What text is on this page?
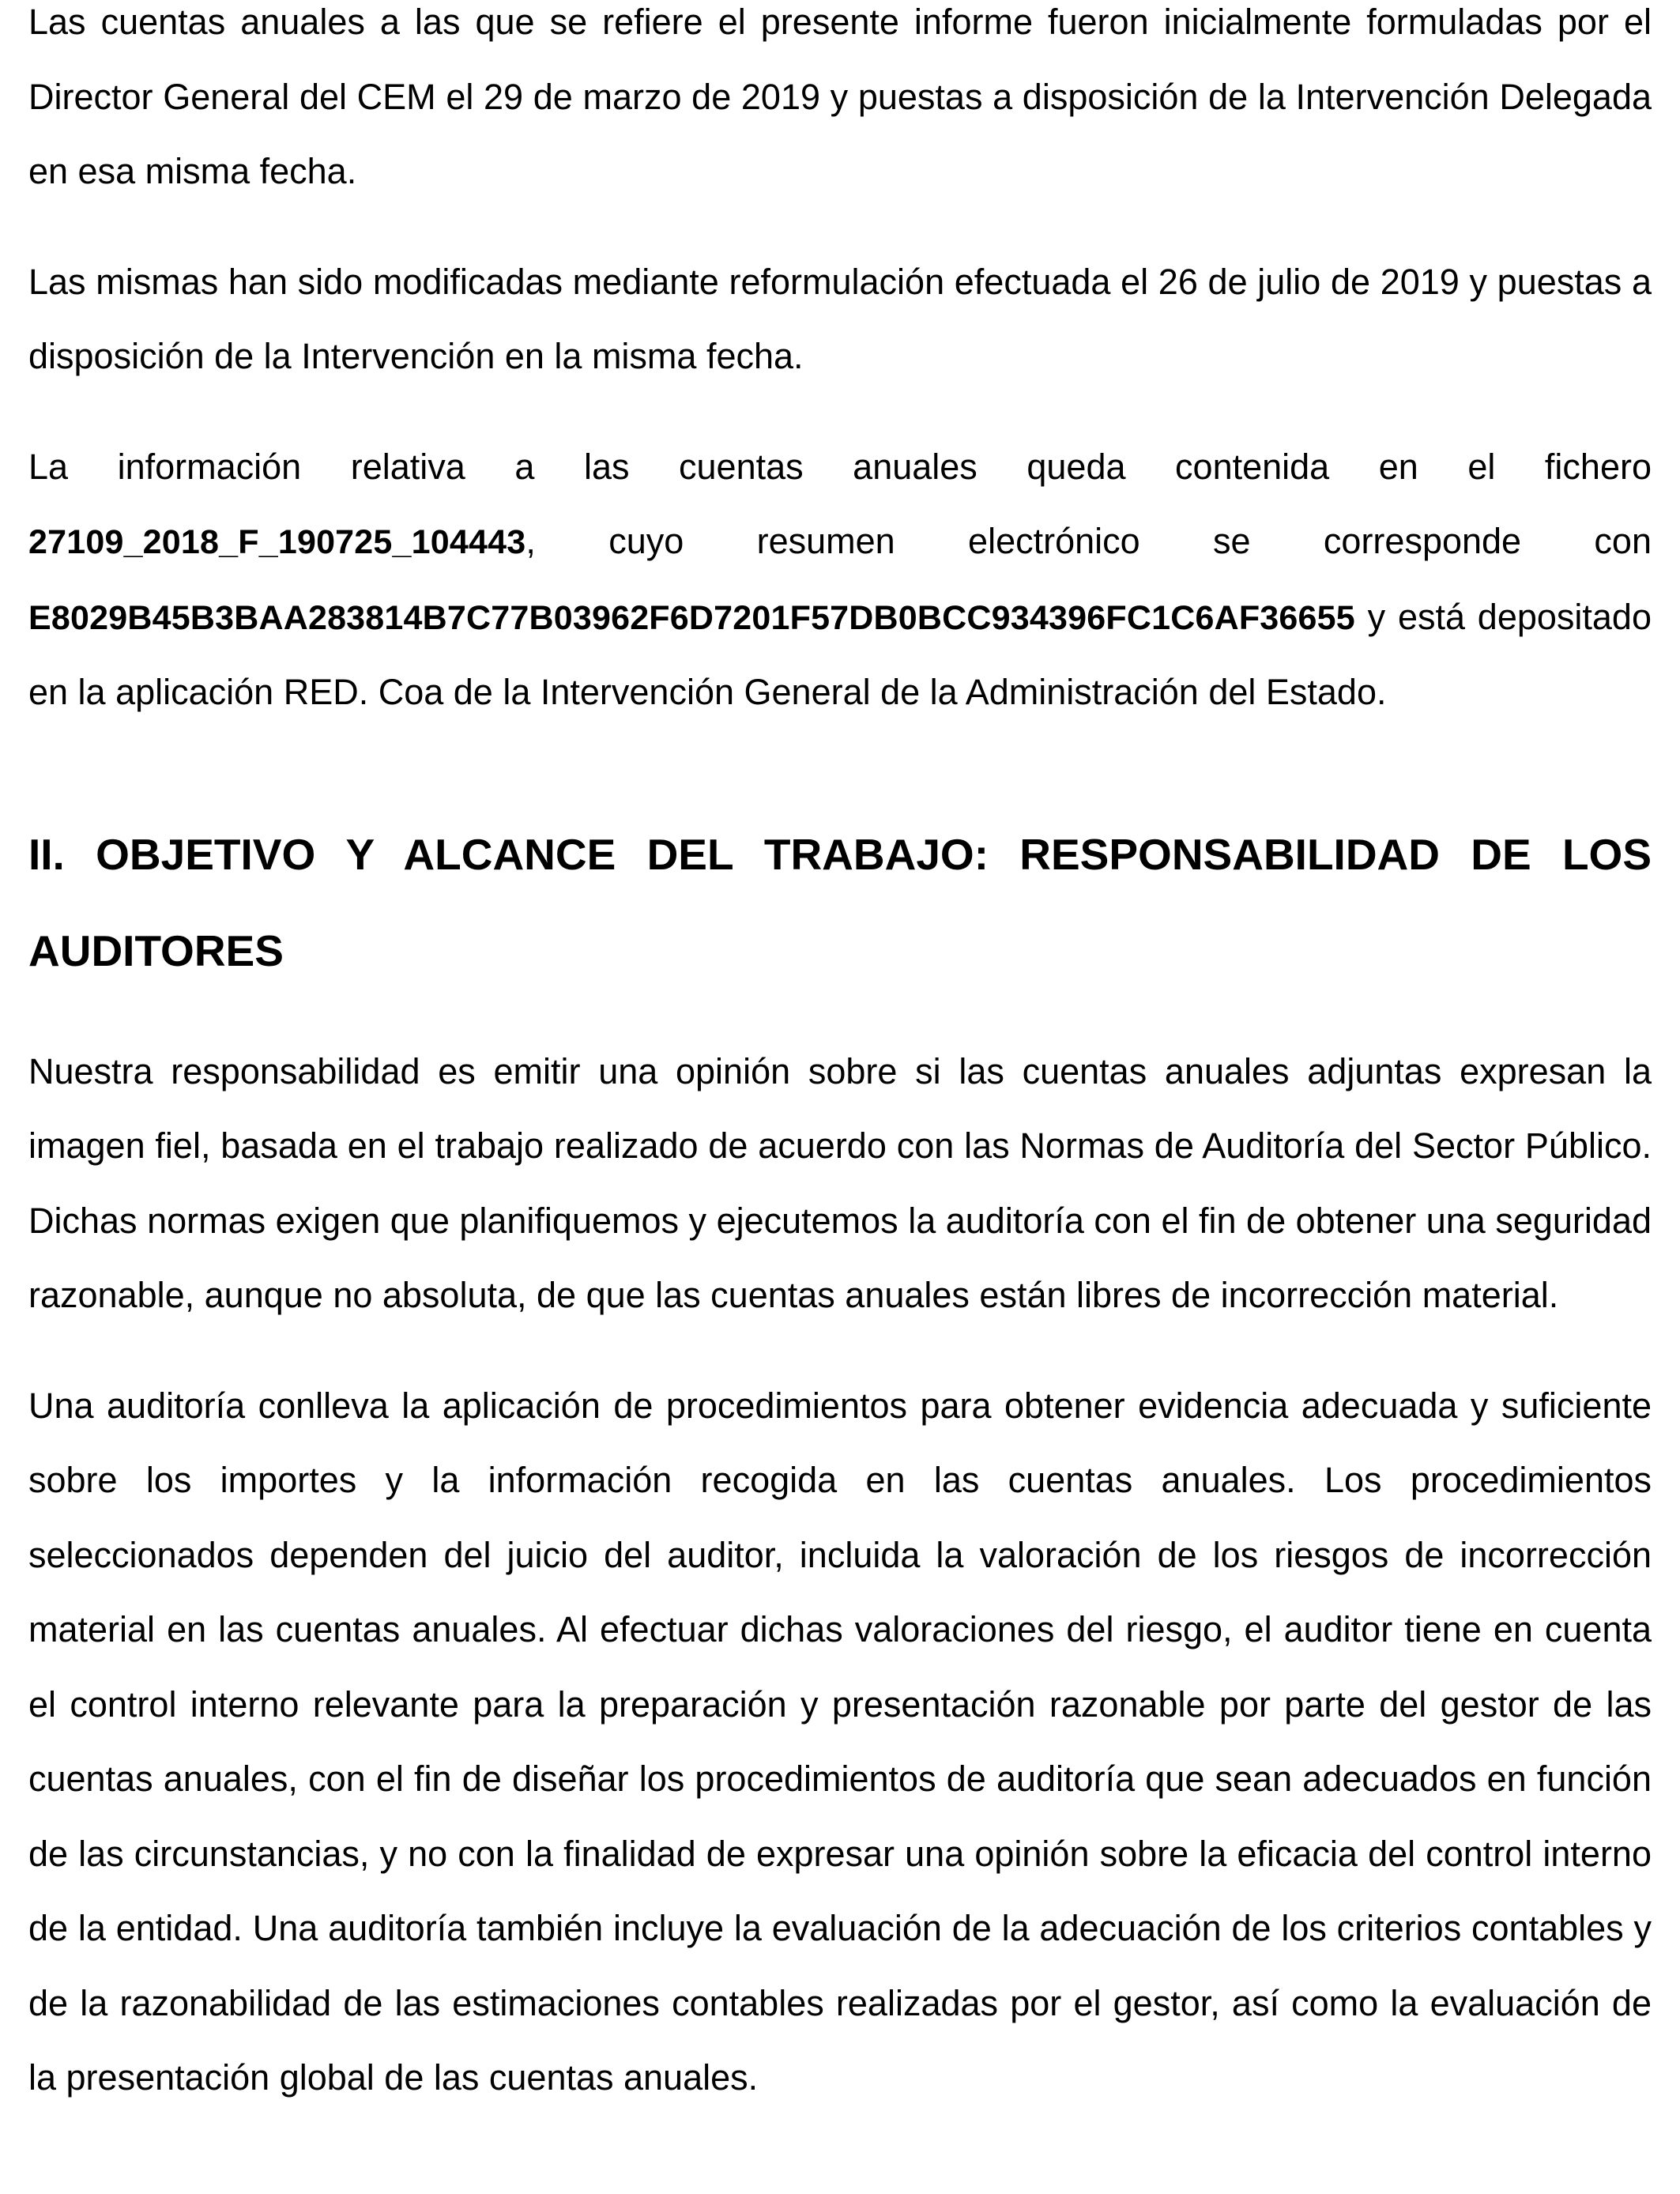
Las cuentas anuales a las que se refiere el presente informe fueron inicialmente formuladas por el Director General del CEM el 29 de marzo de 2019 y puestas a disposición de la Intervención Delegada en esa misma fecha.

Las mismas han sido modificadas mediante reformulación efectuada el 26 de julio de 2019 y puestas a disposición de la Intervención en la misma fecha.

La información relativa a las cuentas anuales queda contenida en el fichero 27109_2018_F_190725_104443, cuyo resumen electrónico se corresponde con E8029B45B3BAA283814B7C77B03962F6D7201F57DB0BCC934396FC1C6AF36655 y está depositado en la aplicación RED. Coa de la Intervención General de la Administración del Estado.

II. OBJETIVO Y ALCANCE DEL TRABAJO: RESPONSABILIDAD DE LOS
AUDITORES

Nuestra responsabilidad es emitir una opinión sobre si las cuentas anuales adjuntas expresan la imagen fiel, basada en el trabajo realizado de acuerdo con las Normas de Auditoría del Sector Público. Dichas normas exigen que planifiquemos y ejecutemos la auditoría con el fin de obtener una seguridad razonable, aunque no absoluta, de que las cuentas anuales están libres de incorrección material.

Una auditoría conlleva la aplicación de procedimientos para obtener evidencia adecuada y suficiente sobre los importes y la información recogida en las cuentas anuales. Los procedimientos seleccionados dependen del juicio del auditor, incluida la valoración de los riesgos de incorrección material en las cuentas anuales. Al efectuar dichas valoraciones del riesgo, el auditor tiene en cuenta el control interno relevante para la preparación y presentación razonable por parte del gestor de las cuentas anuales, con el fin de diseñar los procedimientos de auditoría que sean adecuados en función de las circunstancias, y no con la finalidad de expresar una opinión sobre la eficacia del control interno de la entidad. Una auditoría también incluye la evaluación de la adecuación de los criterios contables y de la razonabilidad de las estimaciones contables realizadas por el gestor, así como la evaluación de la presentación global de las cuentas anuales.
